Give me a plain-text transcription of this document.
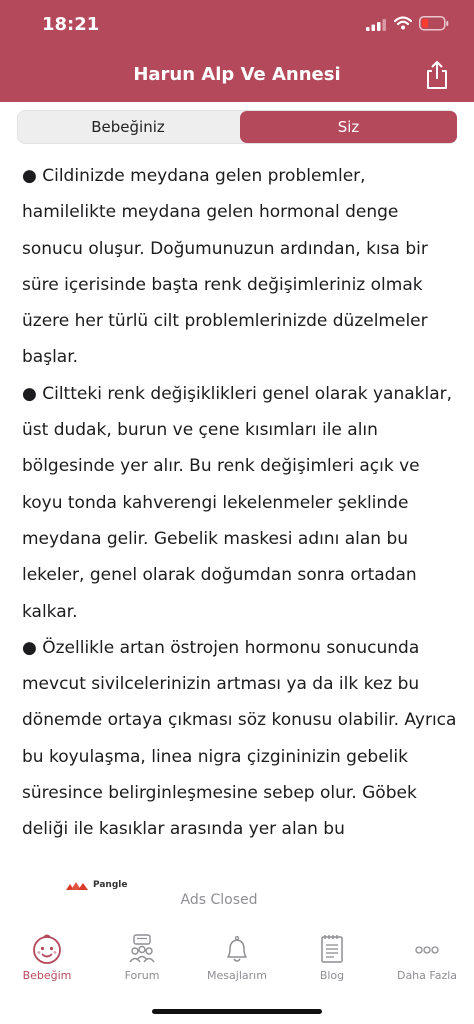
18:21
Harun Alp Ve Annesi
Bebeğiniz	Siz

● Cildinizde meydana gelen problemler, hamilelikte meydana gelen hormonal denge sonucu oluşur. Doğumunuzun ardından, kısa bir süre içerisinde başta renk değişimleriniz olmak üzere her türlü cilt problemlerinizde düzelmeler başlar.

● Ciltteki renk değişiklikleri genel olarak yanaklar, üst dudak, burun ve çene kısımları ile alın bölgesinde yer alır. Bu renk değişimleri açık ve koyu tonda kahverengi lekelenmeler şeklinde meydana gelir. Gebelik maskesi adını alan bu lekeler, genel olarak doğumdan sonra ortadan kalkar.

● Özellikle artan östrojen hormonu sonucunda mevcut sivilcelerinizin artması ya da ilk kez bu dönemde ortaya çıkması söz konusu olabilir. Ayrıca bu koyulaşma, linea nigra çizgininizin gebelik süresince belirginleşmesine sebep olur. Göbek deliği ile kasıklar arasında yer alan bu

Pangle
Ads Closed
Bebeğim	Forum	Mesajlarım	Blog	Daha Fazla
